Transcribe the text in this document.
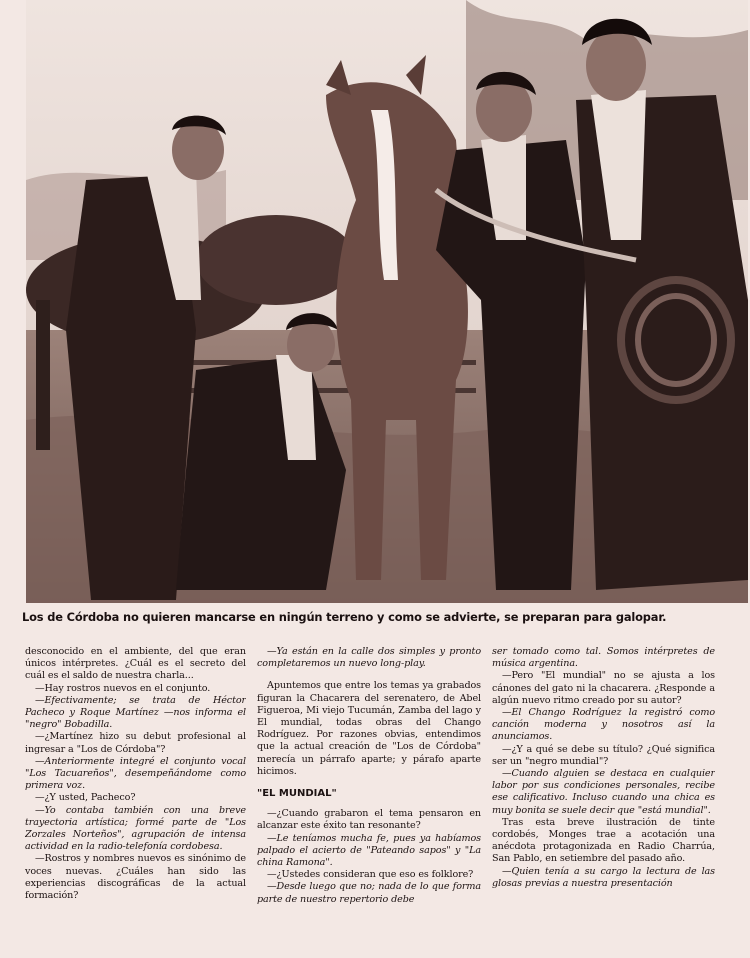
Los de Córdoba no quieren mancarse en ningún terreno y como se advierte, se preparan para galopar.

desconocido en el ambiente, del que eran únicos intérpretes. ¿Cuál es el secreto del cuál es el saldo de nuestra charla...

—Hay rostros nuevos en el conjunto.

—Efectivamente; se trata de Héctor Pacheco y Roque Martínez —nos informa el "negro" Bobadilla.

—¿Martínez hizo su debut profesional al ingresar a "Los de Córdoba"?

—Anteriormente integré el conjunto vocal "Los Tacuareños", desempeñándome como primera voz.

—¿Y usted, Pacheco?

—Yo contaba también con una breve trayectoria artística; formé parte de "Los Zorzales Norteños", agrupación de intensa actividad en la radio-telefonía cordobesa.

—Rostros y nombres nuevos es sinónimo de voces nuevas. ¿Cuáles han sido las experiencias discográficas de la actual formación?

—Ya están en la calle dos simples y pronto completaremos un nuevo long-play.

Apuntemos que entre los temas ya grabados figuran la Chacarera del serenatero, de Abel Figueroa, Mi viejo Tucumán, Zamba del lago y El mundial, todas obras del Chango Rodríguez. Por razones obvias, entendimos que la actual creación de "Los de Córdoba" merecía un párrafo aparte; y párafo aparte hicimos.

"EL MUNDIAL"

—¿Cuando grabaron el tema pensaron en alcanzar este éxito tan resonante?

—Le teníamos mucha fe, pues ya habíamos palpado el acierto de "Pateando sapos" y "La china Ramona".

—¿Ustedes consideran que eso es folklore?

—Desde luego que no; nada de lo que forma parte de nuestro repertorio debe

ser tomado como tal. Somos intérpretes de música argentina.

—Pero "El mundial" no se ajusta a los cánones del gato ni la chacarera. ¿Responde a algún nuevo ritmo creado por su autor?

—El Chango Rodríguez la registró como canción moderna y nosotros así la anunciamos.

—¿Y a qué se debe su título? ¿Qué significa ser un "negro mundial"?

—Cuando alguien se destaca en cualquier labor por sus condiciones personales, recibe ese calificativo. Incluso cuando una chica es muy bonita se suele decir que "está mundial".

Tras esta breve ilustración de tinte cordobés, Monges trae a acotación una anécdota protagonizada en Radio Charrúa, San Pablo, en setiembre del pasado año.

—Quien tenía a su cargo la lectura de las glosas previas a nuestra presentación
